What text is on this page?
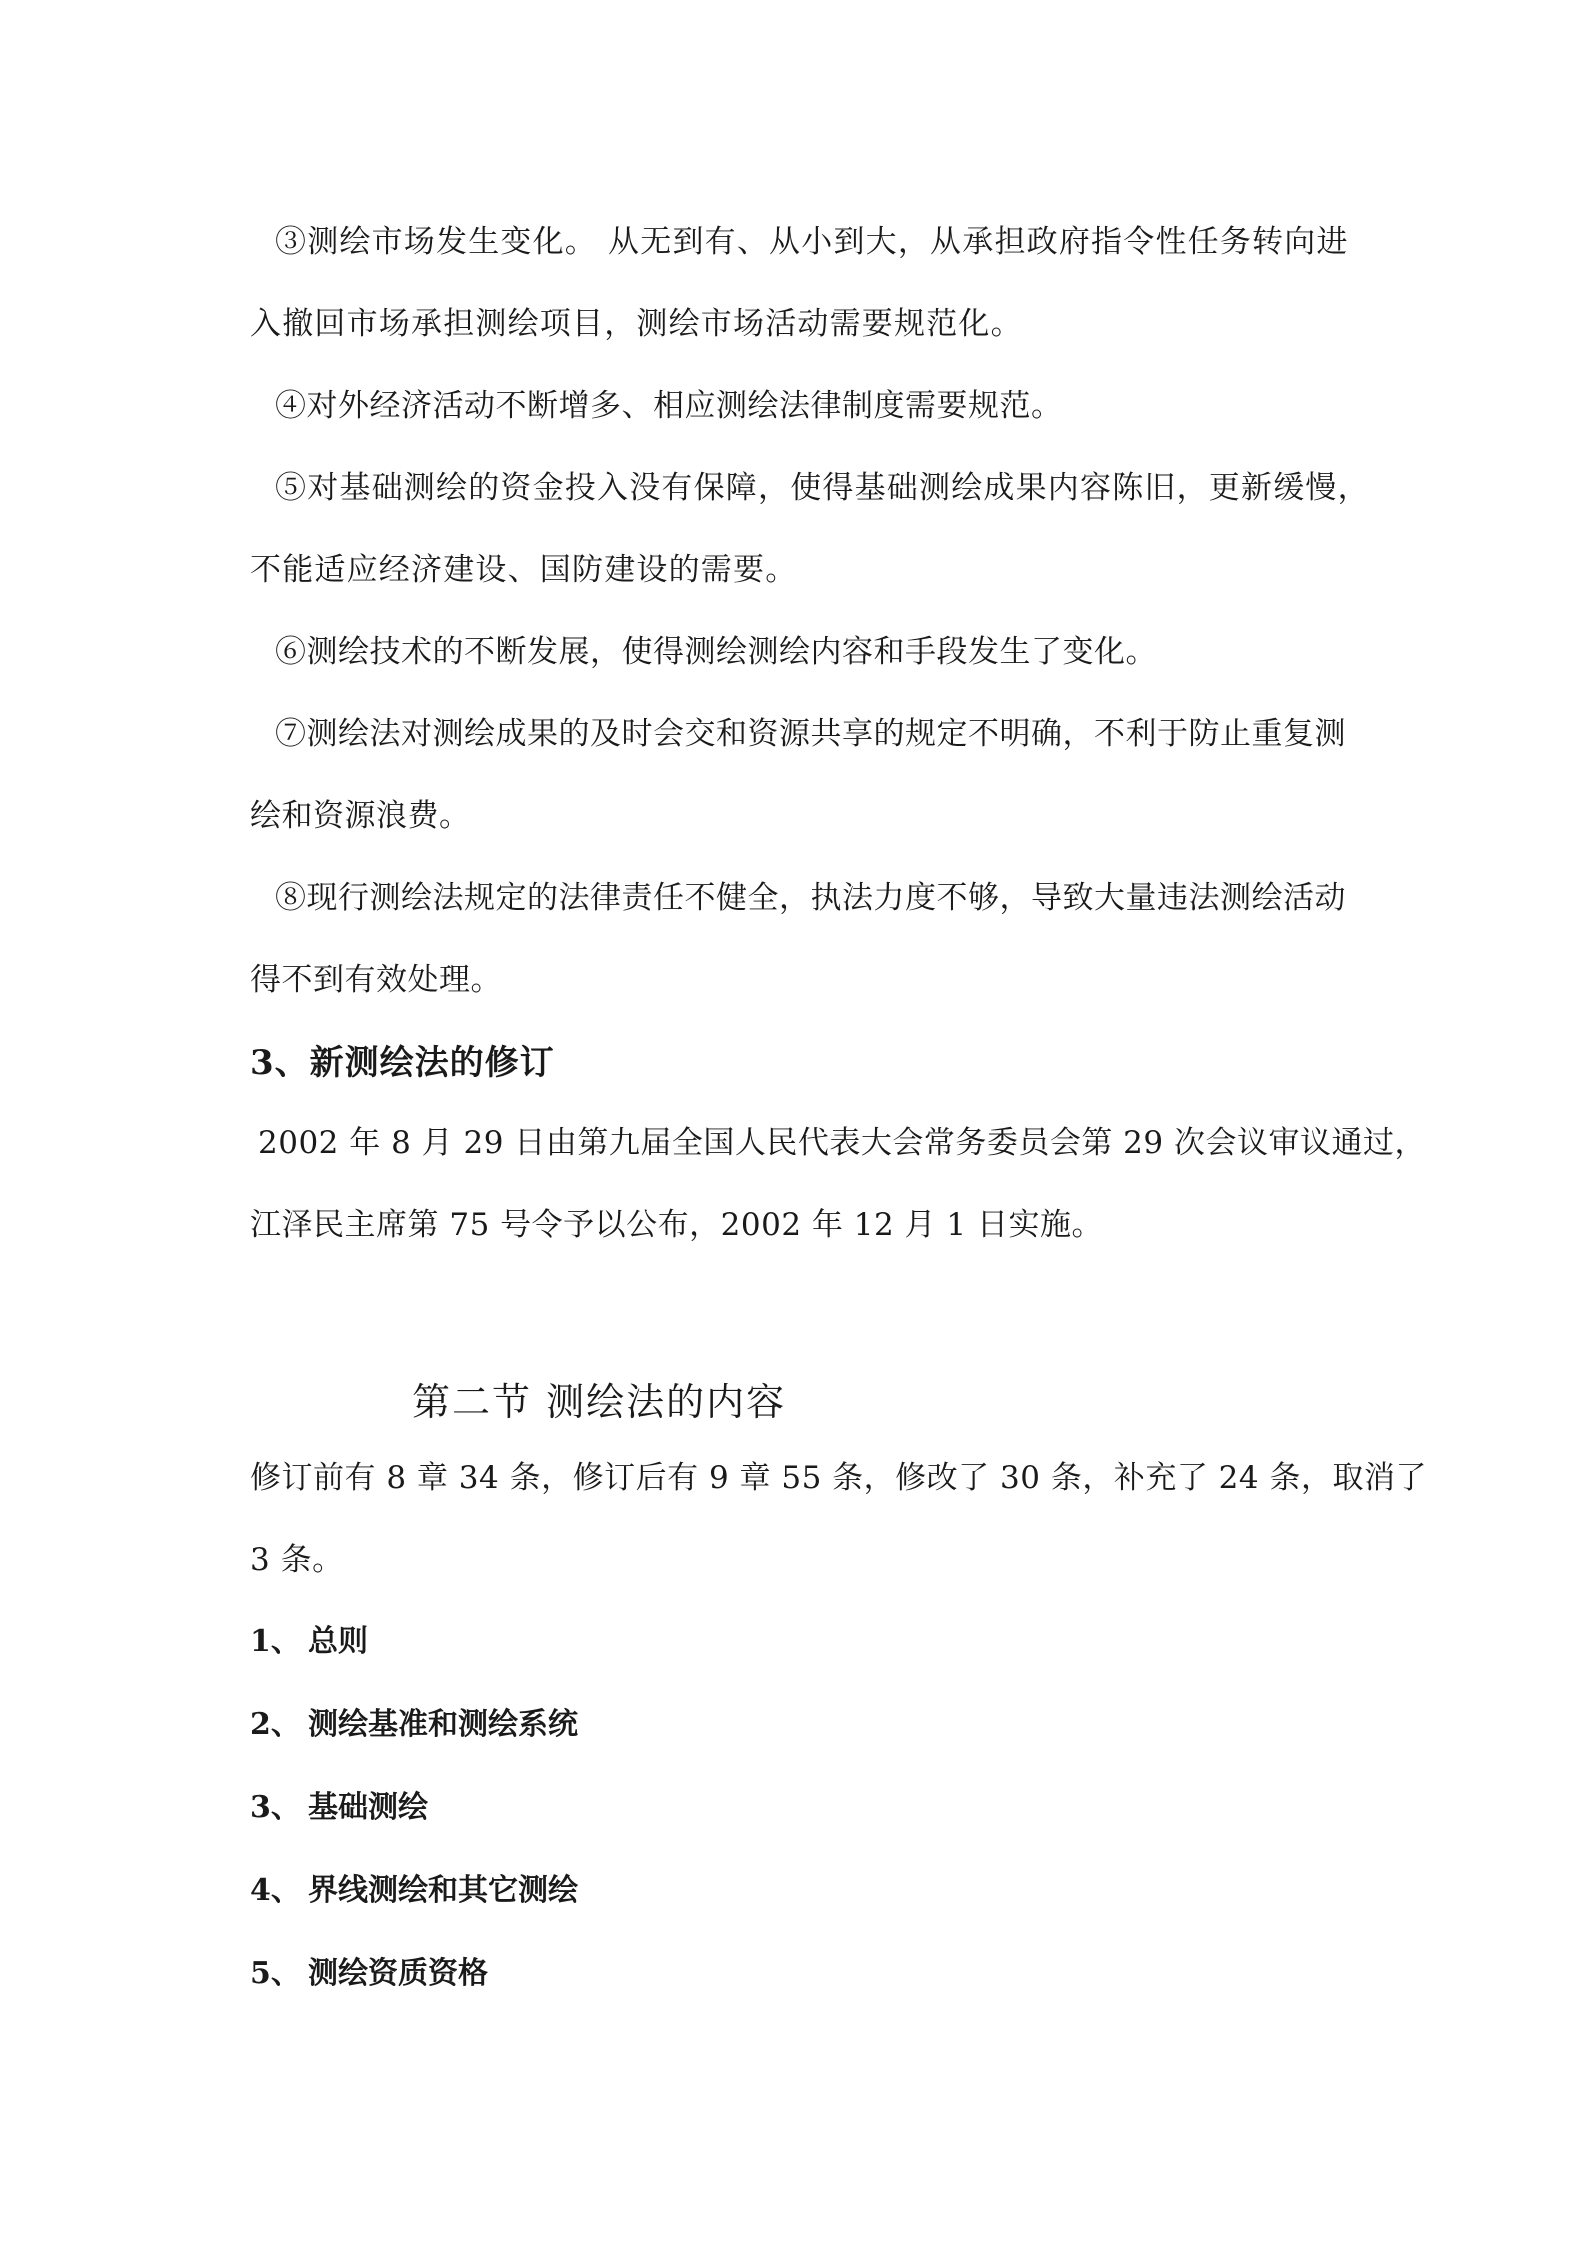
③测绘市场发生变化。 从无到有、从小到大，从承担政府指令性任务转向进
入撤回市场承担测绘项目，测绘市场活动需要规范化。
④对外经济活动不断增多、相应测绘法律制度需要规范。
⑤对基础测绘的资金投入没有保障，使得基础测绘成果内容陈旧，更新缓慢，
不能适应经济建设、国防建设的需要。
⑥测绘技术的不断发展，使得测绘测绘内容和手段发生了变化。
⑦测绘法对测绘成果的及时会交和资源共享的规定不明确，不利于防止重复测
绘和资源浪费。
⑧现行测绘法规定的法律责任不健全，执法力度不够，导致大量违法测绘活动
得不到有效处理。
3、新测绘法的修订
2002 年 8 月 29 日由第九届全国人民代表大会常务委员会第 29 次会议审议通过，
江泽民主席第 75 号令予以公布，2002 年 12 月 1 日实施。
第二节 测绘法的内容
修订前有 8 章 34 条，修订后有 9 章 55 条，修改了 30 条，补充了 24 条，取消了
3 条。
1、 总则
2、 测绘基准和测绘系统
3、 基础测绘
4、 界线测绘和其它测绘
5、 测绘资质资格
